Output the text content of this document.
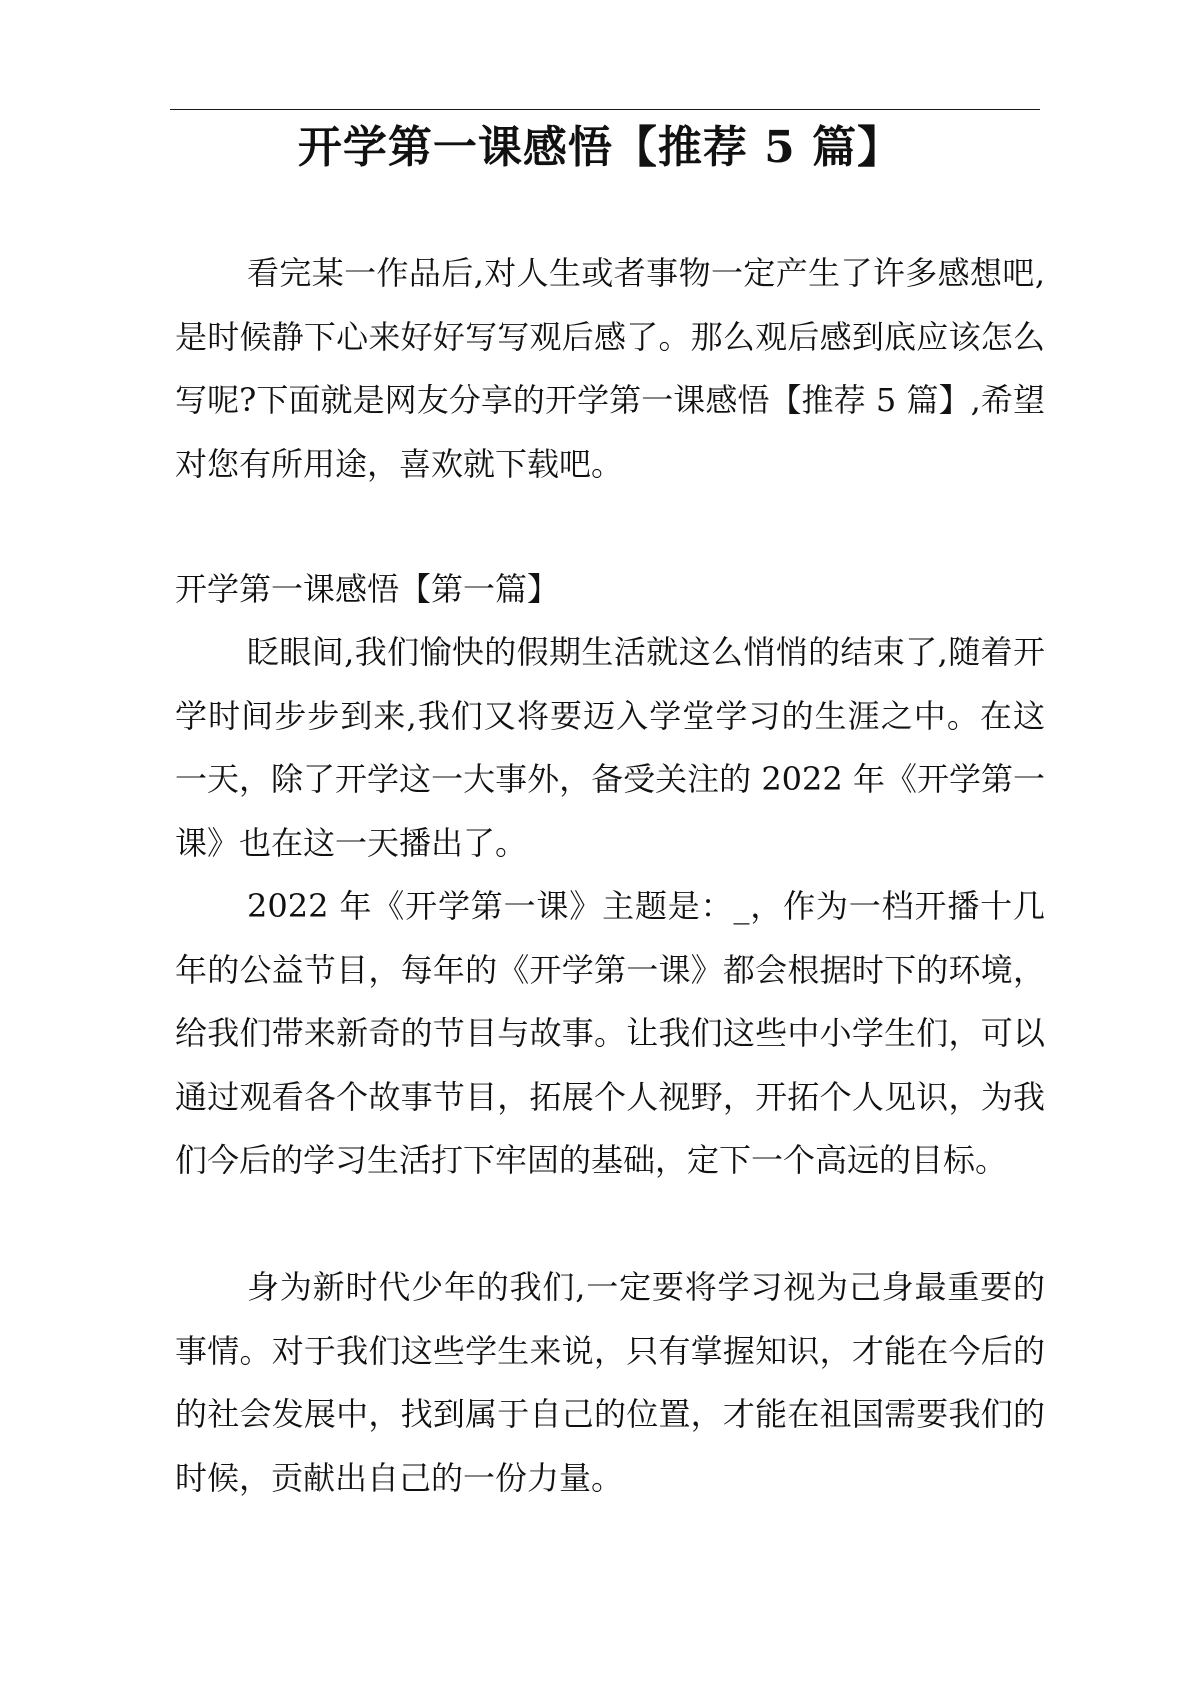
开学第一课感悟【推荐 5 篇】

看完某一作品后,对人生或者事物一定产生了许多感想吧,是时候静下心来好好写写观后感了。那么观后感到底应该怎么写呢?下面就是网友分享的开学第一课感悟【推荐 5 篇】,希望对您有所用途，喜欢就下载吧。

开学第一课感悟【第一篇】

眨眼间,我们愉快的假期生活就这么悄悄的结束了,随着开学时间步步到来,我们又将要迈入学堂学习的生涯之中。在这一天，除了开学这一大事外，备受关注的 2022 年《开学第一课》也在这一天播出了。

2022 年《开学第一课》主题是：_，作为一档开播十几年的公益节目，每年的《开学第一课》都会根据时下的环境，给我们带来新奇的节目与故事。让我们这些中小学生们，可以通过观看各个故事节目，拓展个人视野，开拓个人见识，为我们今后的学习生活打下牢固的基础，定下一个高远的目标。

身为新时代少年的我们,一定要将学习视为己身最重要的事情。对于我们这些学生来说，只有掌握知识，才能在今后的的社会发展中，找到属于自己的位置，才能在祖国需要我们的时候，贡献出自己的一份力量。
